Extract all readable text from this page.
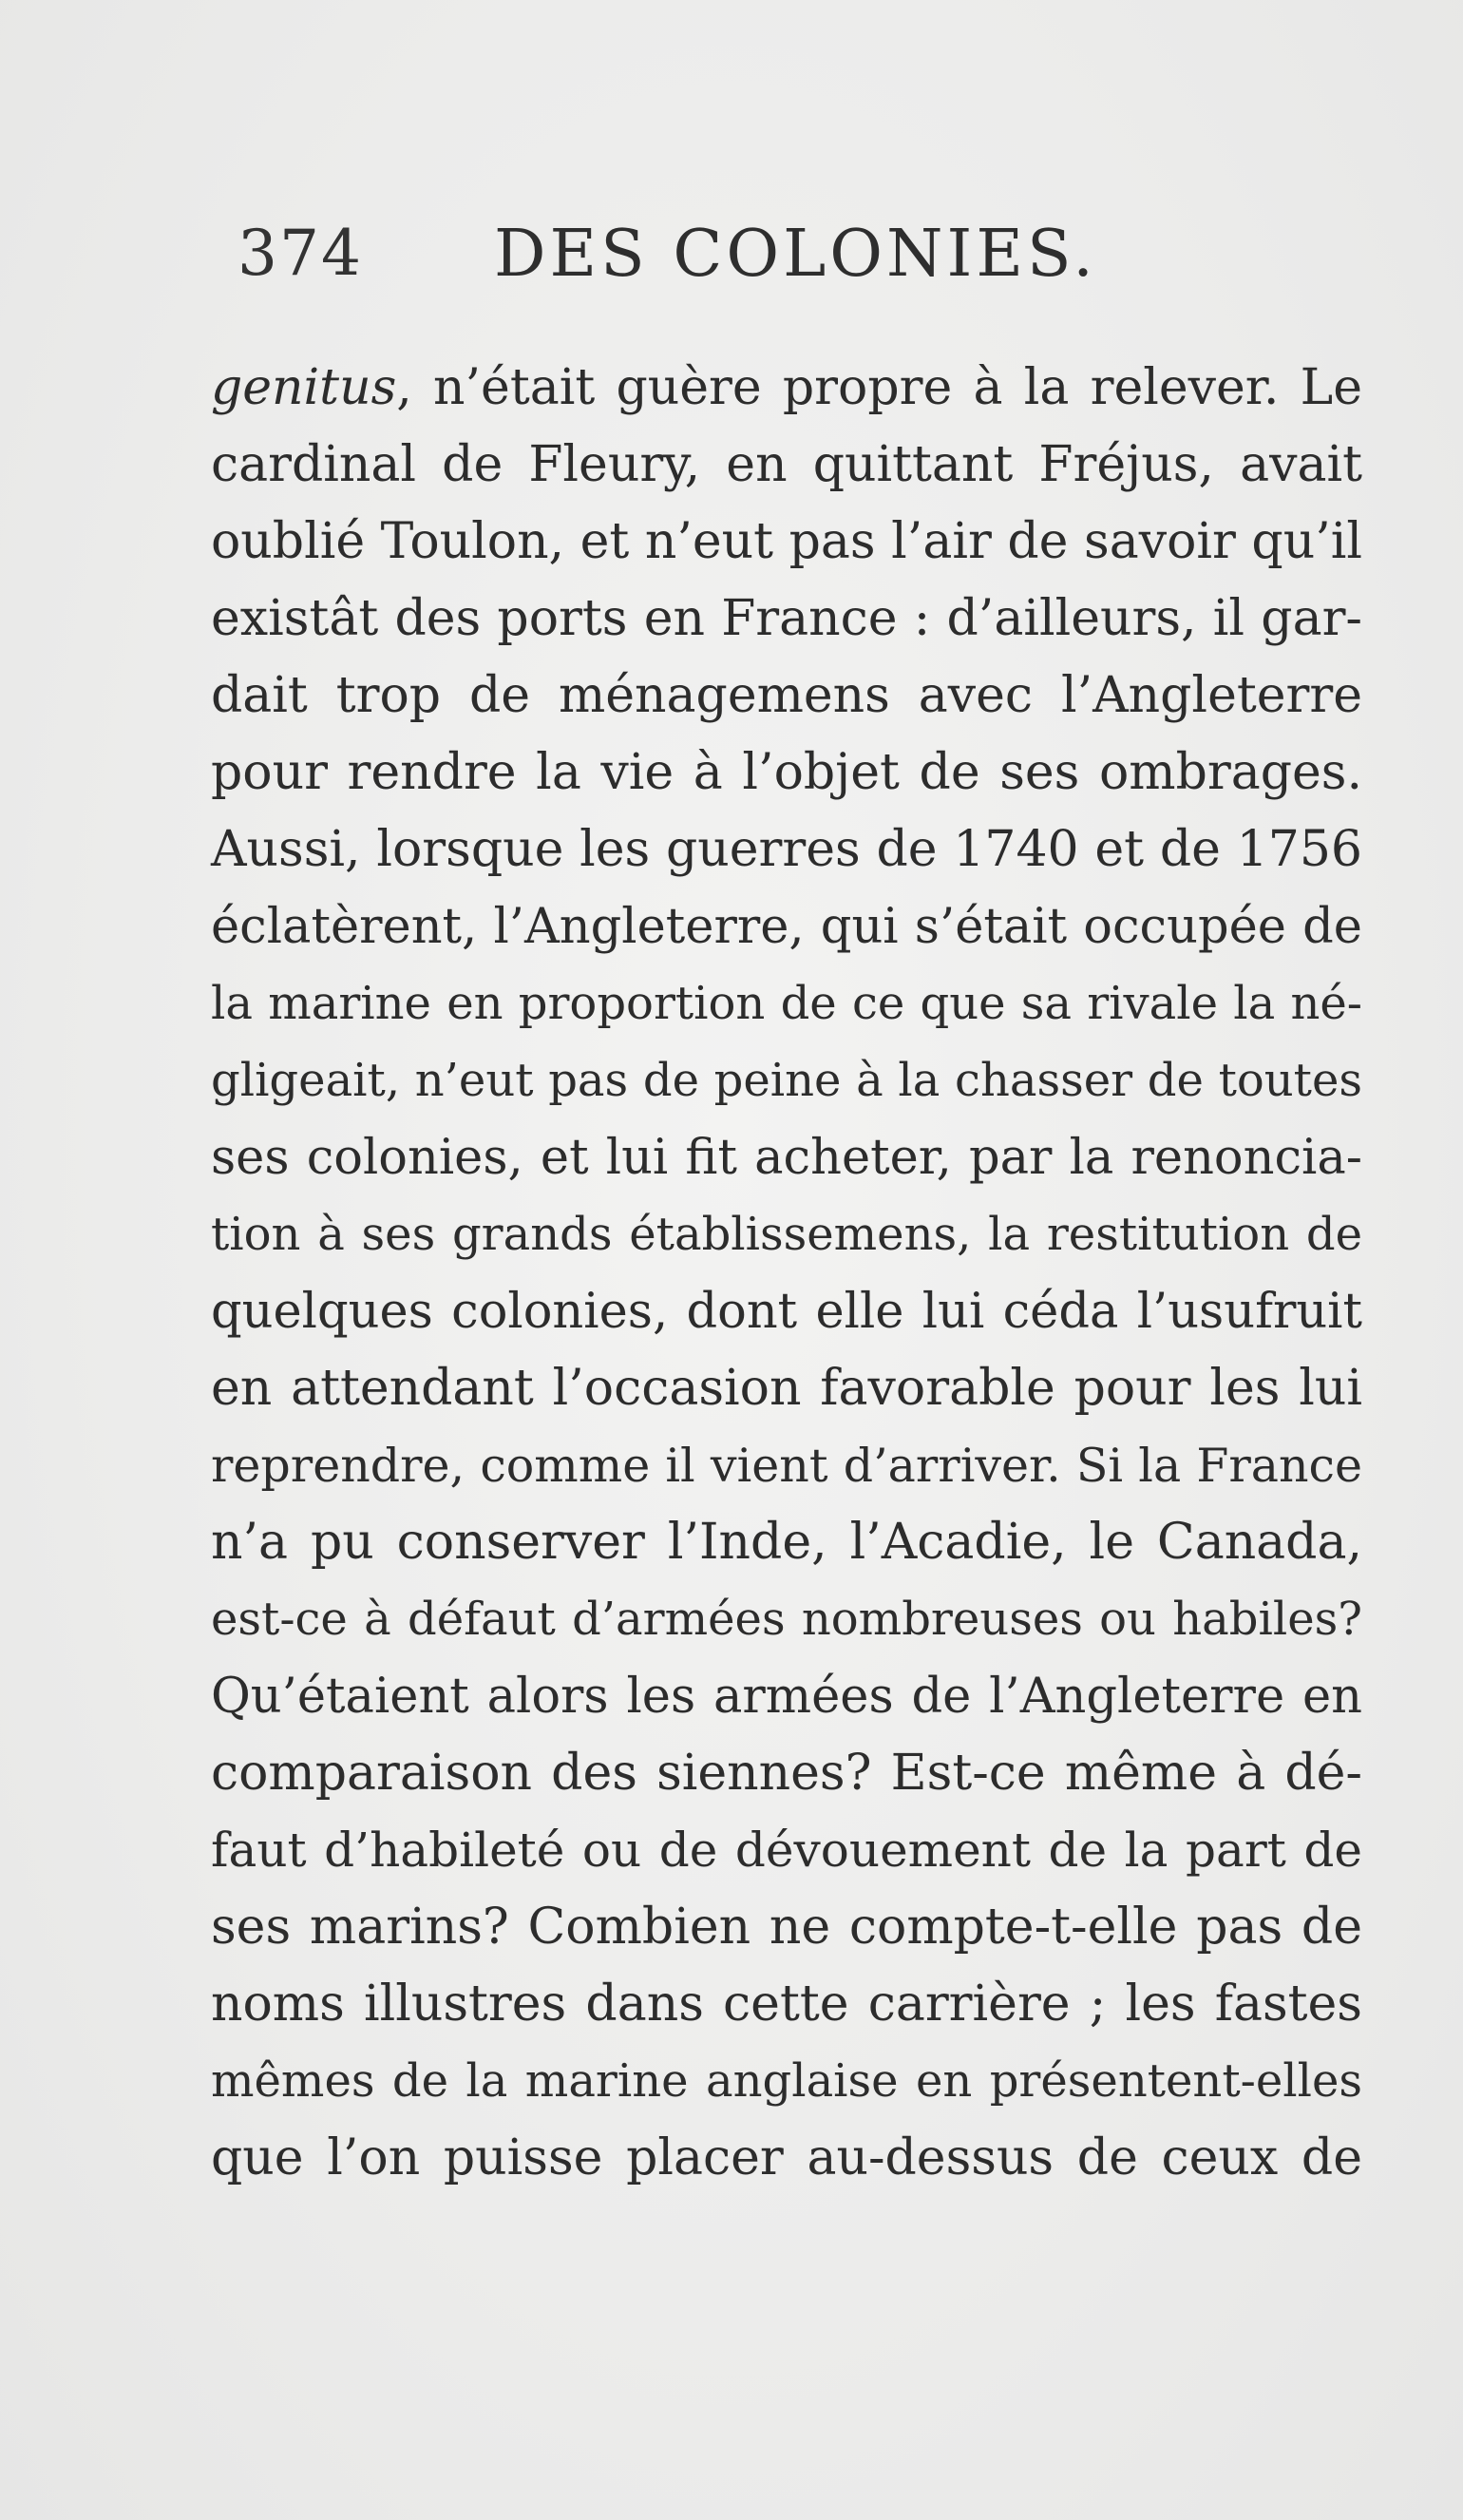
374 DES COLONIES.
genitus, n’était guère propre à la relever. Le
cardinal de Fleury, en quittant Fréjus, avait
oublié Toulon, et n’eut pas l’air de savoir qu’il
existât des ports en France : d’ailleurs, il gar-
dait trop de ménagemens avec l’Angleterre
pour rendre la vie à l’objet de ses ombrages.
Aussi, lorsque les guerres de 1740 et de 1756
éclatèrent, l’Angleterre, qui s’était occupée de
la marine en proportion de ce que sa rivale la né-
gligeait, n’eut pas de peine à la chasser de toutes
ses colonies, et lui fit acheter, par la renoncia-
tion à ses grands établissemens, la restitution de
quelques colonies, dont elle lui céda l’usufruit
en attendant l’occasion favorable pour les lui
reprendre, comme il vient d’arriver. Si la France
n’a pu conserver l’Inde, l’Acadie, le Canada,
est-ce à défaut d’armées nombreuses ou habiles?
Qu’étaient alors les armées de l’Angleterre en
comparaison des siennes? Est-ce même à dé-
faut d’habileté ou de dévouement de la part de
ses marins? Combien ne compte-t-elle pas de
noms illustres dans cette carrière ; les fastes
mêmes de la marine anglaise en présentent-elles
que l’on puisse placer au-dessus de ceux de
